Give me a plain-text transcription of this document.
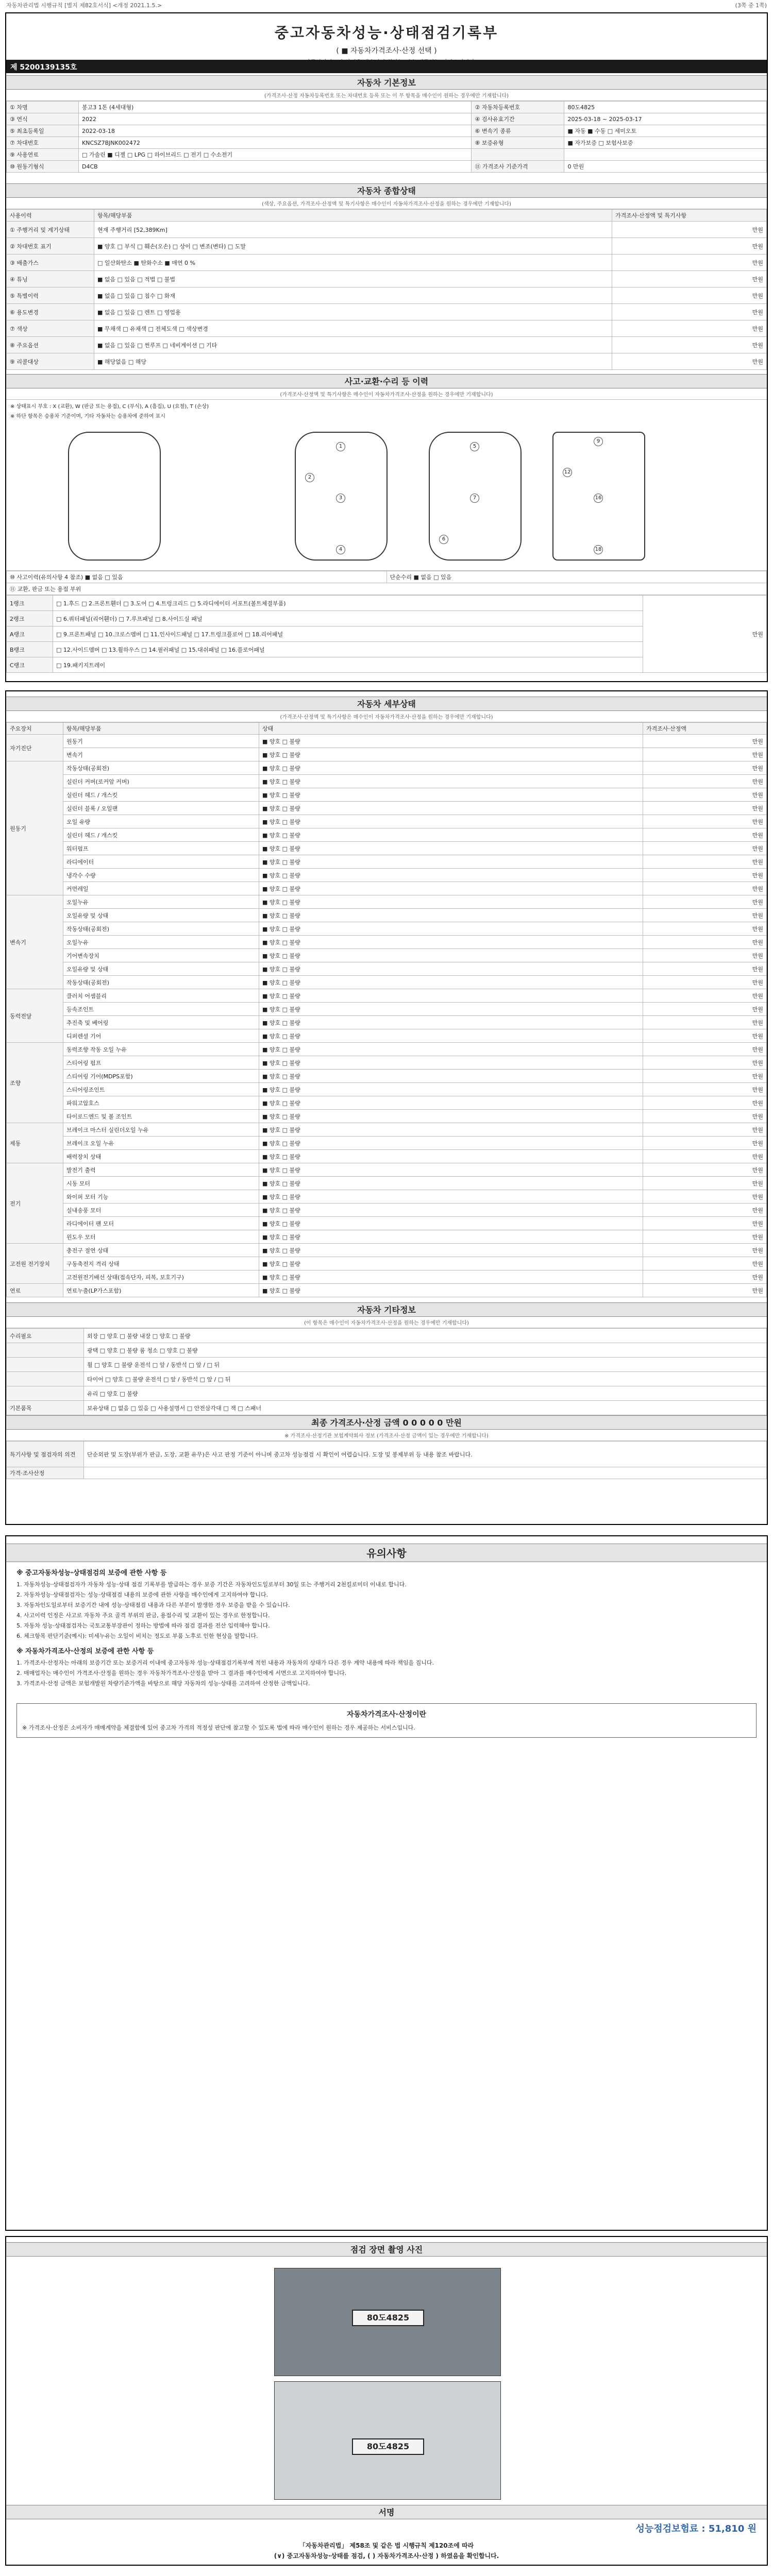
자동차관리법 시행규칙 [별지 제82호서식] <개정 2021.1.5.>	(3쪽 중 1쪽)
중고자동차성능·상태점검기록부
( ■ 자동차가격조사·산정 선택 )
제 5200139135호
자동차 기본정보
(가격조사·산정 자동차등록번호 또는 차대번호 등록 또는 이 무 항목을 매수인이 원하는 경우에만 기재합니다)
① 차명	봉고3 1톤 (4세대형)	② 자동차등록번호	80도4825
③ 연식	2022	④ 검사유효기간	2025-03-18 ~ 2025-03-17
⑤ 최초등록일	2022-03-18	⑥ 변속기 종류	■ 자동 ■ 수동 □ 세미오토
⑦ 차대번호	KNCSZ7BJNK002472	⑧ 보증유형	■ 자가보증 □ 보험사보증
⑨ 사용연료	□ 가솔린 ■ 디젤 □ LPG □ 하이브리드 □ 전기 □ 수소전기		
⑩ 원동기형식	D4CB	⑪ 가격조사 기준가격	0 만원
자동차 종합상태
(색상, 주요옵션, 가격조사·산정액 및 특기사항은 매수인이 자동차가격조사·산정을 원하는 경우에만 기재합니다)
사용이력	항목/해당부품	가격조사·산정액 및 특기사항
① 주행거리 및 계기상태	현재 주행거리 [52,389Km]	만원
② 차대번호 표기	■ 양호 □ 부식 □ 훼손(오손) □ 상이 □ 변조(변타) □ 도말	만원
③ 배출가스	□ 일산화탄소 ■ 탄화수소 ■ 매연 0 %	만원
④ 튜닝	■ 없음 □ 있음 □ 적법 □ 불법	만원
⑤ 특별이력	■ 없음 □ 있음 □ 침수 □ 화재	만원
⑥ 용도변경	■ 없음 □ 있음 □ 렌트 □ 영업용	만원
⑦ 색상	■ 무채색 □ 유채색 □ 전체도색 □ 색상변경	만원
⑧ 주요옵션	■ 없음 □ 있음 □ 썬루프 □ 네비게이션 □ 기타	만원
⑨ 리콜대상	■ 해당없음 □ 해당	만원
사고·교환·수리 등 이력
(가격조사·산정액 및 특기사항은 매수인이 자동차가격조사·산정을 원하는 경우에만 기재합니다)
※ 상태표시 부호 : X (교환), W (판금 또는 용접), C (부식), A (흠집), U (요철), T (손상)
※ 하단 항목은 승용차 기준이며, 기타 자동차는 승용차에 준하여 표시
1
2
3
4
5
6
7
9
12
16
18
⑩ 사고이력(유의사항 4 참조) ■ 없음 □ 있음	단순수리 ■ 없음 □ 있음
⑪ 교환, 판금 또는 용접 부위
1랭크	□ 1.후드 □ 2.프론트휀더 □ 3.도어 □ 4.트렁크리드 □ 5.라디에이터 서포트(볼트체결부품)	만원
2랭크	□ 6.쿼터패널(리어휀더) □ 7.루프패널 □ 8.사이드실 패널	
A랭크	□ 9.프론트패널 □ 10.크로스멤버 □ 11.인사이드패널 □ 17.트렁크플로어 □ 18.리어패널	
B랭크	□ 12.사이드멤버 □ 13.휠하우스 □ 14.필러패널 □ 15.대쉬패널 □ 16.플로어패널	
C랭크	□ 19.패키지트레이	
자동차 세부상태
(가격조사·산정액 및 특기사항은 매수인이 자동차가격조사·산정을 원하는 경우에만 기재합니다)
주요장치	항목/해당부품	상태	가격조사·산정액
자기진단	원동기	■ 양호 □ 불량	만원
	변속기	■ 양호 □ 불량	만원
원동기	작동상태(공회전)	■ 양호 □ 불량	만원
	실린더 커버(로커암 커버)	■ 양호 □ 불량	만원
	실린더 헤드 / 개스킷	■ 양호 □ 불량	만원
	실린더 블록 / 오일팬	■ 양호 □ 불량	만원
	오일 유량	■ 양호 □ 불량	만원
	실린더 헤드 / 개스킷	■ 양호 □ 불량	만원
	워터펌프	■ 양호 □ 불량	만원
	라디에이터	■ 양호 □ 불량	만원
	냉각수 수량	■ 양호 □ 불량	만원
	커먼레일	■ 양호 □ 불량	만원
변속기	오일누유	■ 양호 □ 불량	만원
	오일유량 및 상태	■ 양호 □ 불량	만원
	작동상태(공회전)	■ 양호 □ 불량	만원
	오일누유	■ 양호 □ 불량	만원
	기어변속장치	■ 양호 □ 불량	만원
	오일유량 및 상태	■ 양호 □ 불량	만원
	작동상태(공회전)	■ 양호 □ 불량	만원
동력전달	클러치 어셈블리	■ 양호 □ 불량	만원
	등속조인트	■ 양호 □ 불량	만원
	추진축 및 베어링	■ 양호 □ 불량	만원
	디퍼렌셜 기어	■ 양호 □ 불량	만원
조향	동력조향 작동 오일 누유	■ 양호 □ 불량	만원
	스티어링 펌프	■ 양호 □ 불량	만원
	스티어링 기어(MDPS포함)	■ 양호 □ 불량	만원
	스티어링조인트	■ 양호 □ 불량	만원
	파워고압호스	■ 양호 □ 불량	만원
	타이로드엔드 및 볼 조인트	■ 양호 □ 불량	만원
제동	브레이크 마스터 실린더오일 누유	■ 양호 □ 불량	만원
	브레이크 오일 누유	■ 양호 □ 불량	만원
	배력장치 상태	■ 양호 □ 불량	만원
전기	발전기 출력	■ 양호 □ 불량	만원
	시동 모터	■ 양호 □ 불량	만원
	와이퍼 모터 기능	■ 양호 □ 불량	만원
	실내송풍 모터	■ 양호 □ 불량	만원
	라디에이터 팬 모터	■ 양호 □ 불량	만원
	윈도우 모터	■ 양호 □ 불량	만원
고전원 전기장치	충전구 절연 상태	■ 양호 □ 불량	만원
	구동축전지 격리 상태	■ 양호 □ 불량	만원
	고전원전기배선 상태(접속단자, 피복, 보호기구)	■ 양호 □ 불량	만원
연료	연료누출(LP가스포함)	■ 양호 □ 불량	만원
자동차 기타정보
(이 항목은 매수인이 자동차가격조사·산정을 원하는 경우에만 기재합니다)
수리필요	외장 □ 양호 □ 불량 내장 □ 양호 □ 불량
	광택 □ 양호 □ 불량 룸 청소 □ 양호 □ 불량
	휠 □ 양호 □ 불량 운전석 □ 앞 / 동반석 □ 앞 / □ 뒤
	타이어 □ 양호 □ 불량 운전석 □ 앞 / 동반석 □ 앞 / □ 뒤
	유리 □ 양호 □ 불량
기본품목	보유상태 □ 없음 □ 있음 □ 사용설명서 □ 안전삼각대 □ 잭 □ 스패너
최종 가격조사·산정 금액 0 0 0 0 0 만원
※ 가격조사·산정기관 보험계약회사 정보 (가격조사·산정 금액이 있는 경우에만 기재합니다)
특기사항 및 점검자의 의견	단순외판 및 도장(부위가 판금, 도장, 교환 유무)은 사고 판정 기준이 아니며 중고차 성능점검 시 확인이 어렵습니다. 도장 및 봉제부위 등 내용 참조 바랍니다.
가격·조사산정	
유의사항
※ 중고자동차성능·상태점검의 보증에 관한 사항 등

1. 자동차성능·상태점검자가 자동차 성능·상태 점검 기록부를 발급하는 경우 보증 기간은 자동차인도일로부터 30일 또는 주행거리 2천킬로미터 이내로 합니다.

2. 자동차성능·상태점검자는 성능·상태점검 내용의 보증에 관한 사항을 매수인에게 고지하여야 합니다.

3. 자동차인도일로부터 보증기간 내에 성능·상태점검 내용과 다른 부분이 발생한 경우 보증을 받을 수 있습니다.

4. 사고이력 인정은 사고로 자동차 주요 골격 부위의 판금, 용접수리 및 교환이 있는 경우로 한정합니다.

5. 자동차 성능·상태점검자는 국토교통부장관이 정하는 방법에 따라 점검 결과를 전산 입력해야 합니다.

6. 체크항목 판단기준(예시): 미세누유는 오일이 비치는 정도로 부품 노후로 인한 현상을 말합니다.

※ 자동차가격조사·산정의 보증에 관한 사항 등

1. 가격조사·산정자는 아래의 보증기간 또는 보증거리 이내에 중고자동차 성능·상태점검기록부에 적힌 내용과 자동차의 상태가 다른 경우 계약 내용에 따라 책임을 집니다.

2. 매매업자는 매수인이 가격조사·산정을 원하는 경우 자동차가격조사·산정을 받아 그 결과를 매수인에게 서면으로 고지하여야 합니다.

3. 가격조사·산정 금액은 보험개발원 차량기준가액을 바탕으로 해당 자동차의 성능·상태를 고려하여 산정한 금액입니다.

자동차가격조사·산정이란
※ 가격조사·산정은 소비자가 매매계약을 체결함에 있어 중고차 가격의 적정성 판단에 참고할 수 있도록 법에 따라 매수인이 원하는 경우 제공하는 서비스입니다.
점검 장면 촬영 사진
80도4825
80도4825
서명
성능점검보험료 : 51,810 원
「자동차관리법」 제58조 및 같은 법 시행규칙 제120조에 따라
(∨) 중고자동차성능·상태를 점검, ( ) 자동차가격조사·산정 ) 하였음을 확인합니다.
